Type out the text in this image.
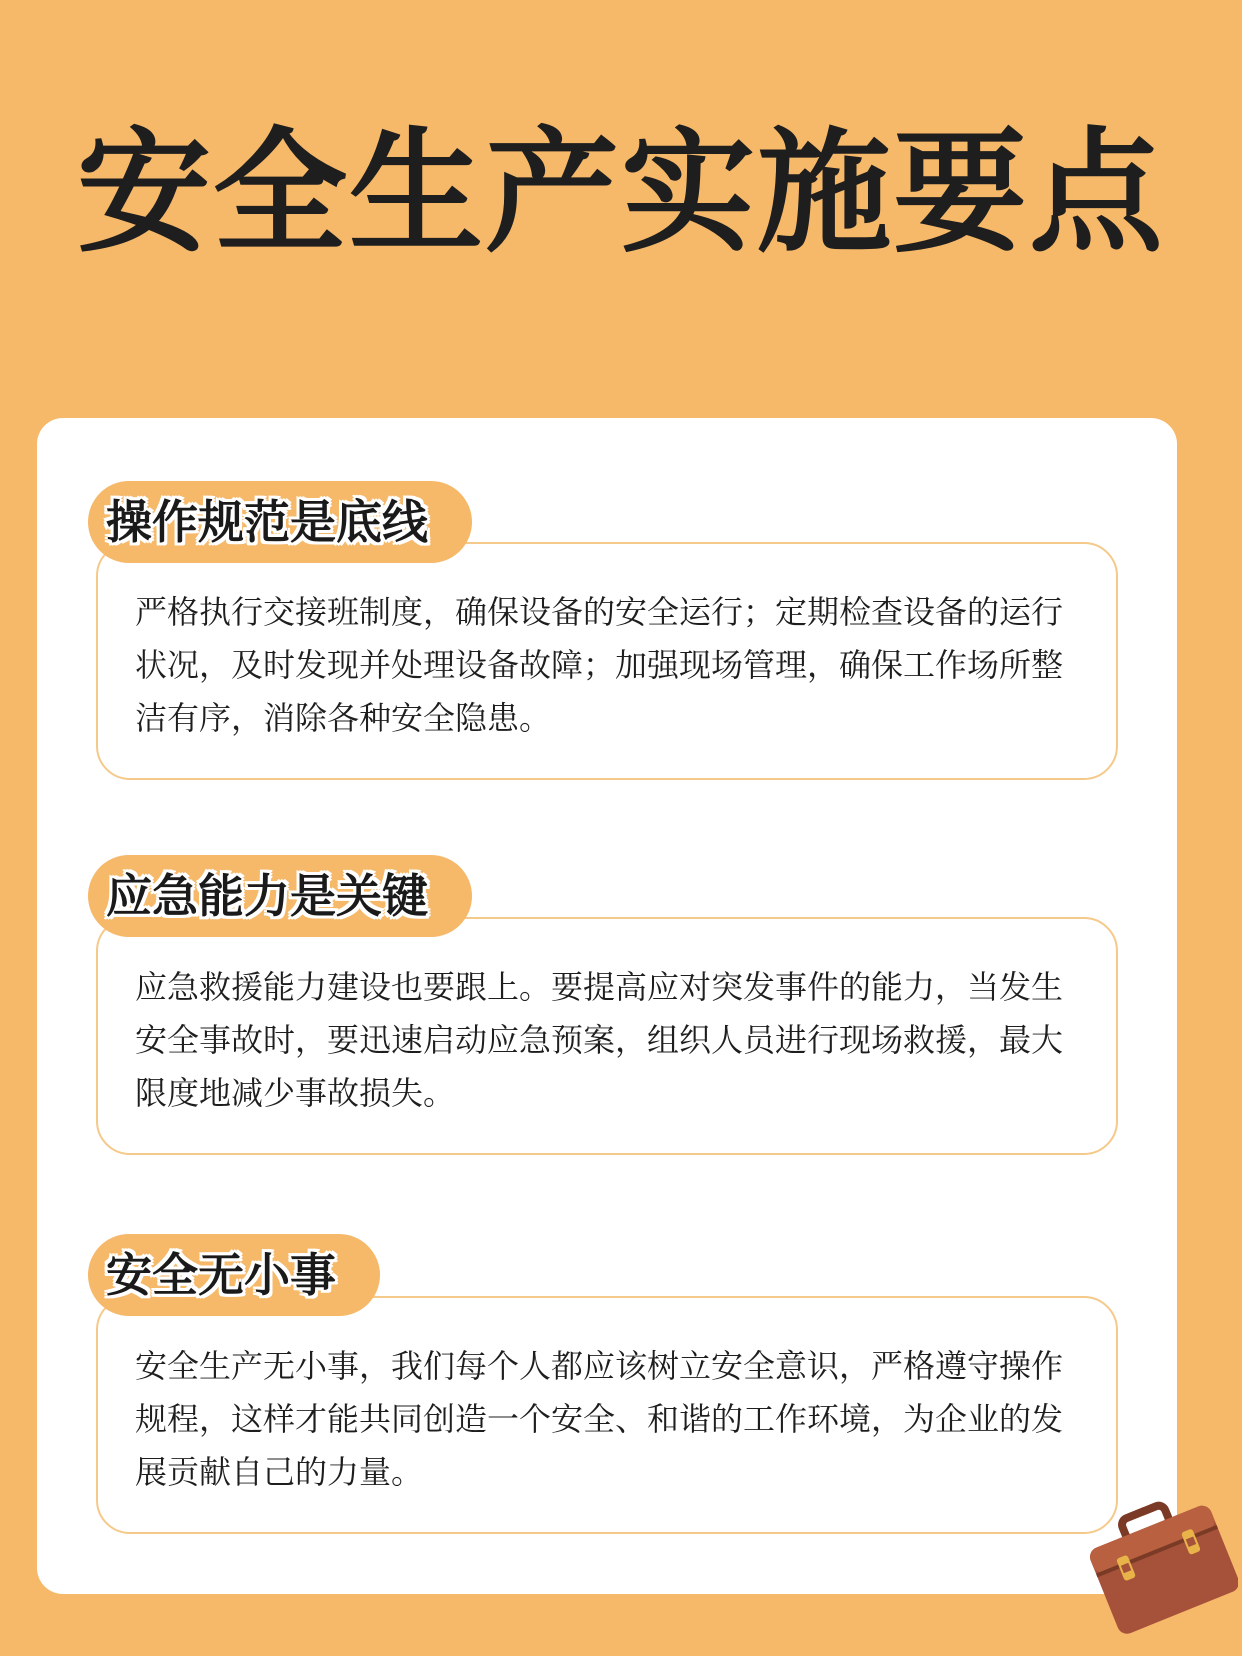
安全生产实施要点
严格执行交接班制度，确保设备的安全运行；定期检查设备的运行状况，及时发现并处理设备故障；加强现场管理，确保工作场所整洁有序，消除各种安全隐患。
操作规范是底线
应急救援能力建设也要跟上。要提高应对突发事件的能力，当发生安全事故时，要迅速启动应急预案，组织人员进行现场救援，最大限度地减少事故损失。
应急能力是关键
安全生产无小事，我们每个人都应该树立安全意识，严格遵守操作规程，这样才能共同创造一个安全、和谐的工作环境，为企业的发展贡献自己的力量。
安全无小事
